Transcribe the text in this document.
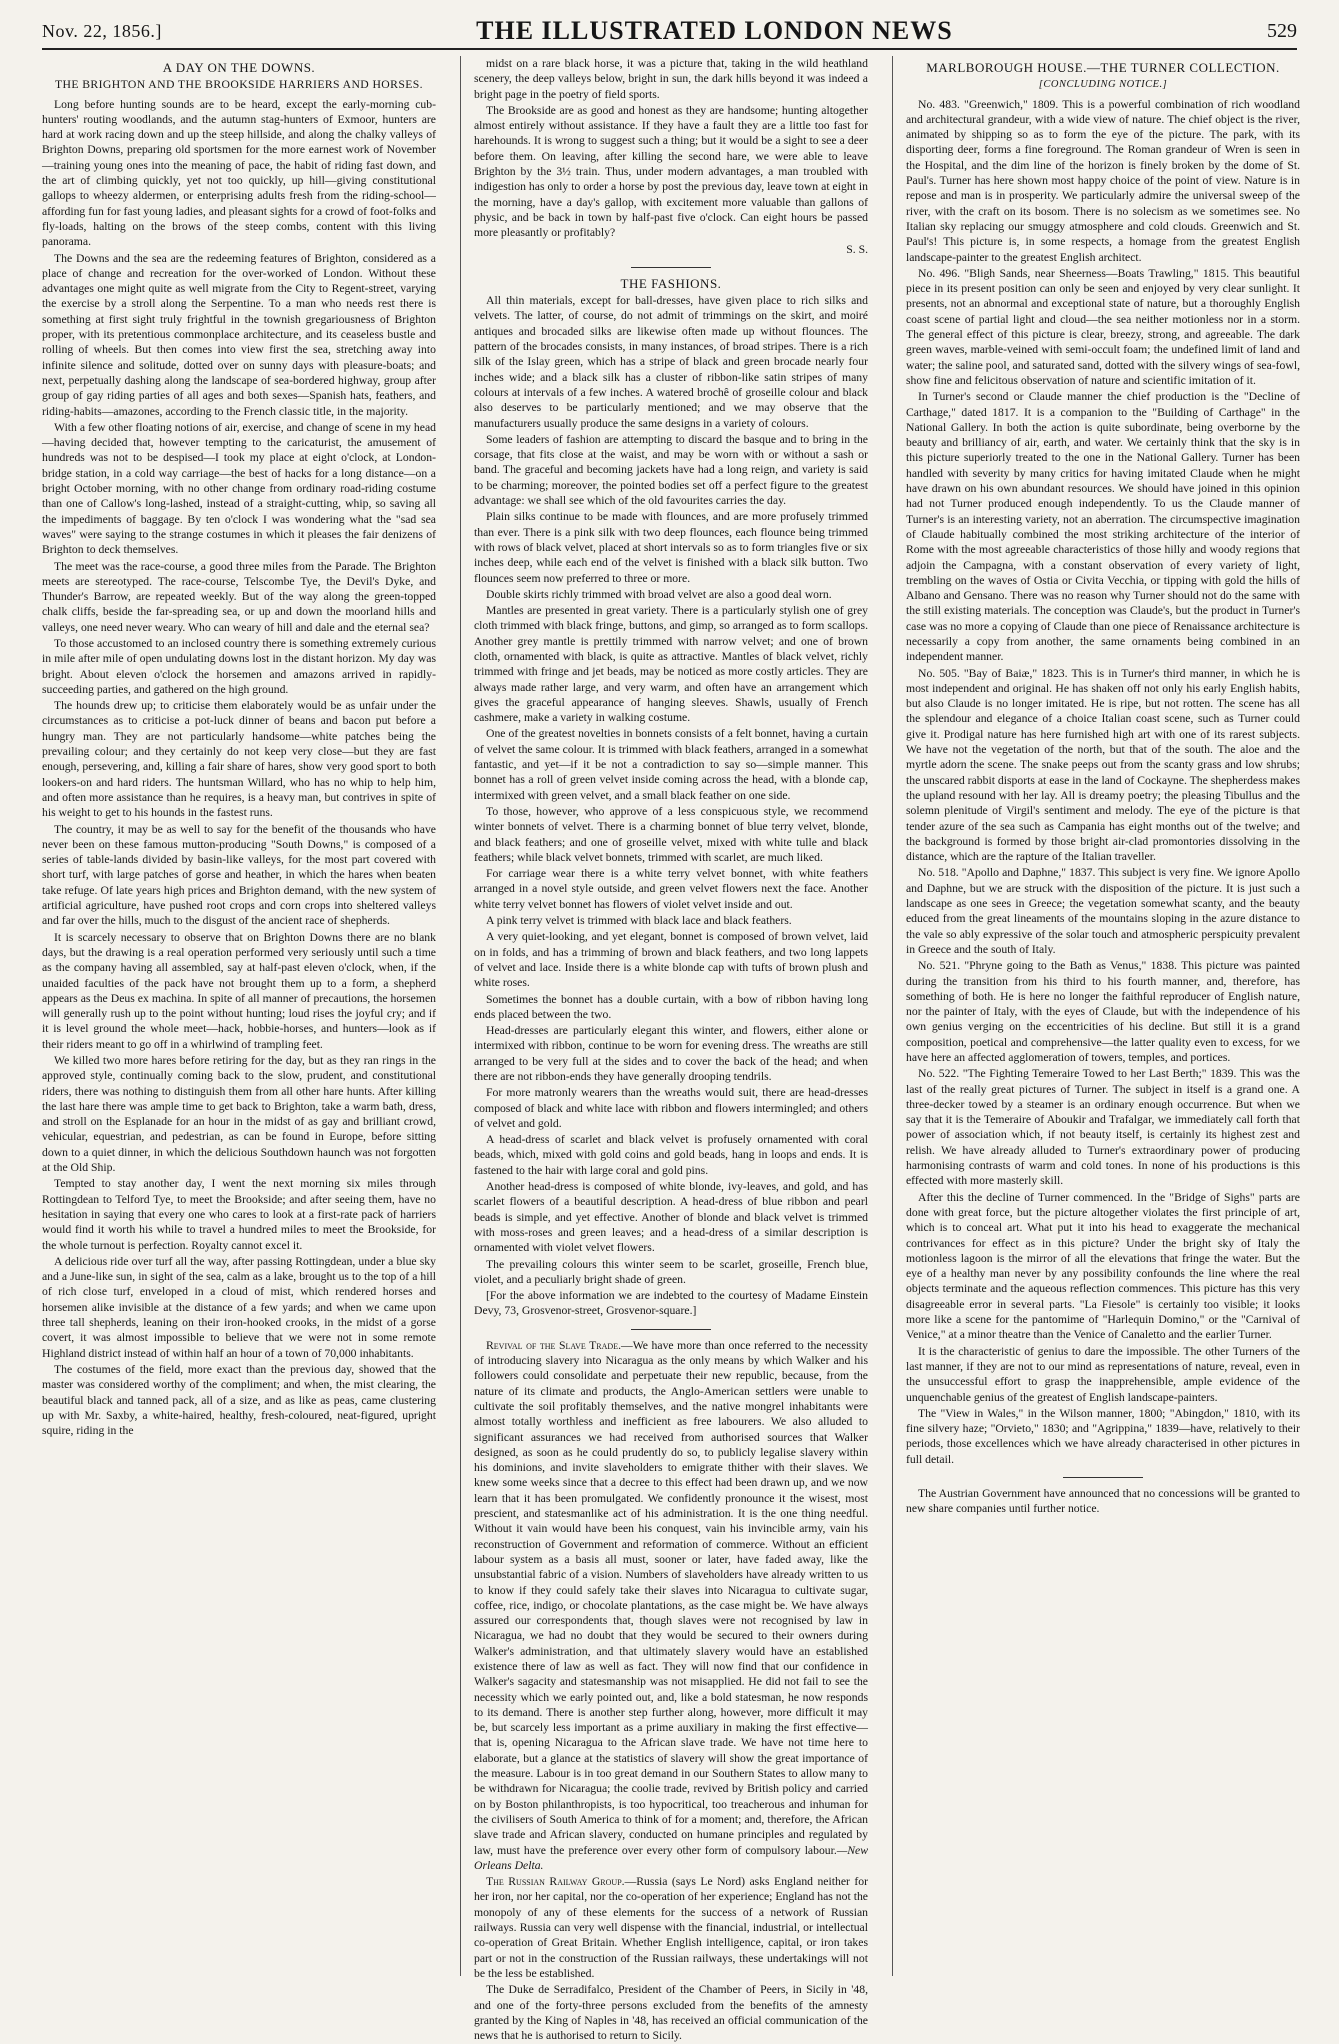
Nov. 22, 1856.]	THE ILLUSTRATED LONDON NEWS	529
A DAY ON THE DOWNS.
THE BRIGHTON AND THE BROOKSIDE HARRIERS AND HORSES.

Long before hunting sounds are to be heard, except the early-morning cub-hunters' routing woodlands, and the autumn stag-hunters of Exmoor, hunters are hard at work racing down and up the steep hillside, and along the chalky valleys of Brighton Downs, preparing old sportsmen for the more earnest work of November—training young ones into the meaning of pace, the habit of riding fast down, and the art of climbing quickly, yet not too quickly, up hill—giving constitutional gallops to wheezy aldermen, or enterprising adults fresh from the riding-school—affording fun for fast young ladies, and pleasant sights for a crowd of foot-folks and fly-loads, halting on the brows of the steep combs, content with this living panorama.

The Downs and the sea are the redeeming features of Brighton, considered as a place of change and recreation for the over-worked of London. Without these advantages one might quite as well migrate from the City to Regent-street, varying the exercise by a stroll along the Serpentine. To a man who needs rest there is something at first sight truly frightful in the townish gregariousness of Brighton proper, with its pretentious commonplace architecture, and its ceaseless bustle and rolling of wheels. But then comes into view first the sea, stretching away into infinite silence and solitude, dotted over on sunny days with pleasure-boats; and next, perpetually dashing along the landscape of sea-bordered highway, group after group of gay riding parties of all ages and both sexes—Spanish hats, feathers, and riding-habits—amazones, according to the French classic title, in the majority.

With a few other floating notions of air, exercise, and change of scene in my head—having decided that, however tempting to the caricaturist, the amusement of hundreds was not to be despised—I took my place at eight o'clock, at London-bridge station, in a cold way carriage—the best of hacks for a long distance—on a bright October morning, with no other change from ordinary road-riding costume than one of Callow's long-lashed, instead of a straight-cutting, whip, so saving all the impediments of baggage. By ten o'clock I was wondering what the "sad sea waves" were saying to the strange costumes in which it pleases the fair denizens of Brighton to deck themselves.

The meet was the race-course, a good three miles from the Parade. The Brighton meets are stereotyped. The race-course, Telscombe Tye, the Devil's Dyke, and Thunder's Barrow, are repeated weekly. But of the way along the green-topped chalk cliffs, beside the far-spreading sea, or up and down the moorland hills and valleys, one need never weary. Who can weary of hill and dale and the eternal sea?

To those accustomed to an inclosed country there is something extremely curious in mile after mile of open undulating downs lost in the distant horizon. My day was bright. About eleven o'clock the horsemen and amazons arrived in rapidly-succeeding parties, and gathered on the high ground.

The hounds drew up; to criticise them elaborately would be as unfair under the circumstances as to criticise a pot-luck dinner of beans and bacon put before a hungry man. They are not particularly handsome—white patches being the prevailing colour; and they certainly do not keep very close—but they are fast enough, persevering, and, killing a fair share of hares, show very good sport to both lookers-on and hard riders. The huntsman Willard, who has no whip to help him, and often more assistance than he requires, is a heavy man, but contrives in spite of his weight to get to his hounds in the fastest runs.

The country, it may be as well to say for the benefit of the thousands who have never been on these famous mutton-producing "South Downs," is composed of a series of table-lands divided by basin-like valleys, for the most part covered with short turf, with large patches of gorse and heather, in which the hares when beaten take refuge. Of late years high prices and Brighton demand, with the new system of artificial agriculture, have pushed root crops and corn crops into sheltered valleys and far over the hills, much to the disgust of the ancient race of shepherds.

It is scarcely necessary to observe that on Brighton Downs there are no blank days, but the drawing is a real operation performed very seriously until such a time as the company having all assembled, say at half-past eleven o'clock, when, if the unaided faculties of the pack have not brought them up to a form, a shepherd appears as the Deus ex machina. In spite of all manner of precautions, the horsemen will generally rush up to the point without hunting; loud rises the joyful cry; and if it is level ground the whole meet—hack, hobbie-horses, and hunters—look as if their riders meant to go off in a whirlwind of trampling feet.

We killed two more hares before retiring for the day, but as they ran rings in the approved style, continually coming back to the slow, prudent, and constitutional riders, there was nothing to distinguish them from all other hare hunts. After killing the last hare there was ample time to get back to Brighton, take a warm bath, dress, and stroll on the Esplanade for an hour in the midst of as gay and brilliant crowd, vehicular, equestrian, and pedestrian, as can be found in Europe, before sitting down to a quiet dinner, in which the delicious Southdown haunch was not forgotten at the Old Ship.

Tempted to stay another day, I went the next morning six miles through Rottingdean to Telford Tye, to meet the Brookside; and after seeing them, have no hesitation in saying that every one who cares to look at a first-rate pack of harriers would find it worth his while to travel a hundred miles to meet the Brookside, for the whole turnout is perfection. Royalty cannot excel it.

A delicious ride over turf all the way, after passing Rottingdean, under a blue sky and a June-like sun, in sight of the sea, calm as a lake, brought us to the top of a hill of rich close turf, enveloped in a cloud of mist, which rendered horses and horsemen alike invisible at the distance of a few yards; and when we came upon three tall shepherds, leaning on their iron-hooked crooks, in the midst of a gorse covert, it was almost impossible to believe that we were not in some remote Highland district instead of within half an hour of a town of 70,000 inhabitants.

The costumes of the field, more exact than the previous day, showed that the master was considered worthy of the compliment; and when, the mist clearing, the beautiful black and tanned pack, all of a size, and as like as peas, came clustering up with Mr. Saxby, a white-haired, healthy, fresh-coloured, neat-figured, upright squire, riding in the

midst on a rare black horse, it was a picture that, taking in the wild heathland scenery, the deep valleys below, bright in sun, the dark hills beyond it was indeed a bright page in the poetry of field sports.

The Brookside are as good and honest as they are handsome; hunting altogether almost entirely without assistance. If they have a fault they are a little too fast for harehounds. It is wrong to suggest such a thing; but it would be a sight to see a deer before them. On leaving, after killing the second hare, we were able to leave Brighton by the 3½ train. Thus, under modern advantages, a man troubled with indigestion has only to order a horse by post the previous day, leave town at eight in the morning, have a day's gallop, with excitement more valuable than gallons of physic, and be back in town by half-past five o'clock. Can eight hours be passed more pleasantly or profitably?

S. S.

THE FASHIONS.

All thin materials, except for ball-dresses, have given place to rich silks and velvets. The latter, of course, do not admit of trimmings on the skirt, and moiré antiques and brocaded silks are likewise often made up without flounces. The pattern of the brocades consists, in many instances, of broad stripes. There is a rich silk of the Islay green, which has a stripe of black and green brocade nearly four inches wide; and a black silk has a cluster of ribbon-like satin stripes of many colours at intervals of a few inches. A watered brochê of groseille colour and black also deserves to be particularly mentioned; and we may observe that the manufacturers usually produce the same designs in a variety of colours.

Some leaders of fashion are attempting to discard the basque and to bring in the corsage, that fits close at the waist, and may be worn with or without a sash or band. The graceful and becoming jackets have had a long reign, and variety is said to be charming; moreover, the pointed bodies set off a perfect figure to the greatest advantage: we shall see which of the old favourites carries the day.

Plain silks continue to be made with flounces, and are more profusely trimmed than ever. There is a pink silk with two deep flounces, each flounce being trimmed with rows of black velvet, placed at short intervals so as to form triangles five or six inches deep, while each end of the velvet is finished with a black silk button. Two flounces seem now preferred to three or more.

Double skirts richly trimmed with broad velvet are also a good deal worn.

Mantles are presented in great variety. There is a particularly stylish one of grey cloth trimmed with black fringe, buttons, and gimp, so arranged as to form scallops. Another grey mantle is prettily trimmed with narrow velvet; and one of brown cloth, ornamented with black, is quite as attractive. Mantles of black velvet, richly trimmed with fringe and jet beads, may be noticed as more costly articles. They are always made rather large, and very warm, and often have an arrangement which gives the graceful appearance of hanging sleeves. Shawls, usually of French cashmere, make a variety in walking costume.

One of the greatest novelties in bonnets consists of a felt bonnet, having a curtain of velvet the same colour. It is trimmed with black feathers, arranged in a somewhat fantastic, and yet—if it be not a contradiction to say so—simple manner. This bonnet has a roll of green velvet inside coming across the head, with a blonde cap, intermixed with green velvet, and a small black feather on one side.

To those, however, who approve of a less conspicuous style, we recommend winter bonnets of velvet. There is a charming bonnet of blue terry velvet, blonde, and black feathers; and one of groseille velvet, mixed with white tulle and black feathers; while black velvet bonnets, trimmed with scarlet, are much liked.

For carriage wear there is a white terry velvet bonnet, with white feathers arranged in a novel style outside, and green velvet flowers next the face. Another white terry velvet bonnet has flowers of violet velvet inside and out.

A pink terry velvet is trimmed with black lace and black feathers.

A very quiet-looking, and yet elegant, bonnet is composed of brown velvet, laid on in folds, and has a trimming of brown and black feathers, and two long lappets of velvet and lace. Inside there is a white blonde cap with tufts of brown plush and white roses.

Sometimes the bonnet has a double curtain, with a bow of ribbon having long ends placed between the two.

Head-dresses are particularly elegant this winter, and flowers, either alone or intermixed with ribbon, continue to be worn for evening dress. The wreaths are still arranged to be very full at the sides and to cover the back of the head; and when there are not ribbon-ends they have generally drooping tendrils.

For more matronly wearers than the wreaths would suit, there are head-dresses composed of black and white lace with ribbon and flowers intermingled; and others of velvet and gold.

A head-dress of scarlet and black velvet is profusely ornamented with coral beads, which, mixed with gold coins and gold beads, hang in loops and ends. It is fastened to the hair with large coral and gold pins.

Another head-dress is composed of white blonde, ivy-leaves, and gold, and has scarlet flowers of a beautiful description. A head-dress of blue ribbon and pearl beads is simple, and yet effective. Another of blonde and black velvet is trimmed with moss-roses and green leaves; and a head-dress of a similar description is ornamented with violet velvet flowers.

The prevailing colours this winter seem to be scarlet, groseille, French blue, violet, and a peculiarly bright shade of green.

[For the above information we are indebted to the courtesy of Madame Einstein Devy, 73, Grosvenor-street, Grosvenor-square.]

Revival of the Slave Trade.—We have more than once referred to the necessity of introducing slavery into Nicaragua as the only means by which Walker and his followers could consolidate and perpetuate their new republic, because, from the nature of its climate and products, the Anglo-American settlers were unable to cultivate the soil profitably themselves, and the native mongrel inhabitants were almost totally worthless and inefficient as free labourers. We also alluded to significant assurances we had received from authorised sources that Walker designed, as soon as he could prudently do so, to publicly legalise slavery within his dominions, and invite slaveholders to emigrate thither with their slaves. We knew some weeks since that a decree to this effect had been drawn up, and we now learn that it has been promulgated. We confidently pronounce it the wisest, most prescient, and statesmanlike act of his administration. It is the one thing needful. Without it vain would have been his conquest, vain his invincible army, vain his reconstruction of Government and reformation of commerce. Without an efficient labour system as a basis all must, sooner or later, have faded away, like the unsubstantial fabric of a vision. Numbers of slaveholders have already written to us to know if they could safely take their slaves into Nicaragua to cultivate sugar, coffee, rice, indigo, or chocolate plantations, as the case might be. We have always assured our correspondents that, though slaves were not recognised by law in Nicaragua, we had no doubt that they would be secured to their owners during Walker's administration, and that ultimately slavery would have an established existence there of law as well as fact. They will now find that our confidence in Walker's sagacity and statesmanship was not misapplied. He did not fail to see the necessity which we early pointed out, and, like a bold statesman, he now responds to its demand. There is another step further along, however, more difficult it may be, but scarcely less important as a prime auxiliary in making the first effective—that is, opening Nicaragua to the African slave trade. We have not time here to elaborate, but a glance at the statistics of slavery will show the great importance of the measure. Labour is in too great demand in our Southern States to allow many to be withdrawn for Nicaragua; the coolie trade, revived by British policy and carried on by Boston philanthropists, is too hypocritical, too treacherous and inhuman for the civilisers of South America to think of for a moment; and, therefore, the African slave trade and African slavery, conducted on humane principles and regulated by law, must have the preference over every other form of compulsory labour.—New Orleans Delta.

The Russian Railway Group.—Russia (says Le Nord) asks England neither for her iron, nor her capital, nor the co-operation of her experience; England has not the monopoly of any of these elements for the success of a network of Russian railways. Russia can very well dispense with the financial, industrial, or intellectual co-operation of Great Britain. Whether English intelligence, capital, or iron takes part or not in the construction of the Russian railways, these undertakings will not be the less be established.

The Duke de Serradifalco, President of the Chamber of Peers, in Sicily in '48, and one of the forty-three persons excluded from the benefits of the amnesty granted by the King of Naples in '48, has received an official communication of the news that he is authorised to return to Sicily.

MARLBOROUGH HOUSE.—THE TURNER COLLECTION.
[CONCLUDING NOTICE.]

No. 483. "Greenwich," 1809. This is a powerful combination of rich woodland and architectural grandeur, with a wide view of nature. The chief object is the river, animated by shipping so as to form the eye of the picture. The park, with its disporting deer, forms a fine foreground. The Roman grandeur of Wren is seen in the Hospital, and the dim line of the horizon is finely broken by the dome of St. Paul's. Turner has here shown most happy choice of the point of view. Nature is in repose and man is in prosperity. We particularly admire the universal sweep of the river, with the craft on its bosom. There is no solecism as we sometimes see. No Italian sky replacing our smuggy atmosphere and cold clouds. Greenwich and St. Paul's! This picture is, in some respects, a homage from the greatest English landscape-painter to the greatest English architect.

No. 496. "Bligh Sands, near Sheerness—Boats Trawling," 1815. This beautiful piece in its present position can only be seen and enjoyed by very clear sunlight. It presents, not an abnormal and exceptional state of nature, but a thoroughly English coast scene of partial light and cloud—the sea neither motionless nor in a storm. The general effect of this picture is clear, breezy, strong, and agreeable. The dark green waves, marble-veined with semi-occult foam; the undefined limit of land and water; the saline pool, and saturated sand, dotted with the silvery wings of sea-fowl, show fine and felicitous observation of nature and scientific imitation of it.

In Turner's second or Claude manner the chief production is the "Decline of Carthage," dated 1817. It is a companion to the "Building of Carthage" in the National Gallery. In both the action is quite subordinate, being overborne by the beauty and brilliancy of air, earth, and water. We certainly think that the sky is in this picture superiorly treated to the one in the National Gallery. Turner has been handled with severity by many critics for having imitated Claude when he might have drawn on his own abundant resources. We should have joined in this opinion had not Turner produced enough independently. To us the Claude manner of Turner's is an interesting variety, not an aberration. The circumspective imagination of Claude habitually combined the most striking architecture of the interior of Rome with the most agreeable characteristics of those hilly and woody regions that adjoin the Campagna, with a constant observation of every variety of light, trembling on the waves of Ostia or Civita Vecchia, or tipping with gold the hills of Albano and Gensano. There was no reason why Turner should not do the same with the still existing materials. The conception was Claude's, but the product in Turner's case was no more a copying of Claude than one piece of Renaissance architecture is necessarily a copy from another, the same ornaments being combined in an independent manner.

No. 505. "Bay of Baiæ," 1823. This is in Turner's third manner, in which he is most independent and original. He has shaken off not only his early English habits, but also Claude is no longer imitated. He is ripe, but not rotten. The scene has all the splendour and elegance of a choice Italian coast scene, such as Turner could give it. Prodigal nature has here furnished high art with one of its rarest subjects. We have not the vegetation of the north, but that of the south. The aloe and the myrtle adorn the scene. The snake peeps out from the scanty grass and low shrubs; the unscared rabbit disports at ease in the land of Cockayne. The shepherdess makes the upland resound with her lay. All is dreamy poetry; the pleasing Tibullus and the solemn plenitude of Virgil's sentiment and melody. The eye of the picture is that tender azure of the sea such as Campania has eight months out of the twelve; and the background is formed by those bright air-clad promontories dissolving in the distance, which are the rapture of the Italian traveller.

No. 518. "Apollo and Daphne," 1837. This subject is very fine. We ignore Apollo and Daphne, but we are struck with the disposition of the picture. It is just such a landscape as one sees in Greece; the vegetation somewhat scanty, and the beauty educed from the great lineaments of the mountains sloping in the azure distance to the vale so ably expressive of the solar touch and atmospheric perspicuity prevalent in Greece and the south of Italy.

No. 521. "Phryne going to the Bath as Venus," 1838. This picture was painted during the transition from his third to his fourth manner, and, therefore, has something of both. He is here no longer the faithful reproducer of English nature, nor the painter of Italy, with the eyes of Claude, but with the independence of his own genius verging on the eccentricities of his decline. But still it is a grand composition, poetical and comprehensive—the latter quality even to excess, for we have here an affected agglomeration of towers, temples, and portices.

No. 522. "The Fighting Temeraire Towed to her Last Berth;" 1839. This was the last of the really great pictures of Turner. The subject in itself is a grand one. A three-decker towed by a steamer is an ordinary enough occurrence. But when we say that it is the Temeraire of Aboukir and Trafalgar, we immediately call forth that power of association which, if not beauty itself, is certainly its highest zest and relish. We have already alluded to Turner's extraordinary power of producing harmonising contrasts of warm and cold tones. In none of his productions is this effected with more masterly skill.

After this the decline of Turner commenced. In the "Bridge of Sighs" parts are done with great force, but the picture altogether violates the first principle of art, which is to conceal art. What put it into his head to exaggerate the mechanical contrivances for effect as in this picture? Under the bright sky of Italy the motionless lagoon is the mirror of all the elevations that fringe the water. But the eye of a healthy man never by any possibility confounds the line where the real objects terminate and the aqueous reflection commences. This picture has this very disagreeable error in several parts. "La Fiesole" is certainly too visible; it looks more like a scene for the pantomime of "Harlequin Domino," or the "Carnival of Venice," at a minor theatre than the Venice of Canaletto and the earlier Turner.

It is the characteristic of genius to dare the impossible. The other Turners of the last manner, if they are not to our mind as representations of nature, reveal, even in the unsuccessful effort to grasp the inapprehensible, ample evidence of the unquenchable genius of the greatest of English landscape-painters.

The "View in Wales," in the Wilson manner, 1800; "Abingdon," 1810, with its fine silvery haze; "Orvieto," 1830; and "Agrippina," 1839—have, relatively to their periods, those excellences which we have already characterised in other pictures in full detail.

The Austrian Government have announced that no concessions will be granted to new share companies until further notice.
